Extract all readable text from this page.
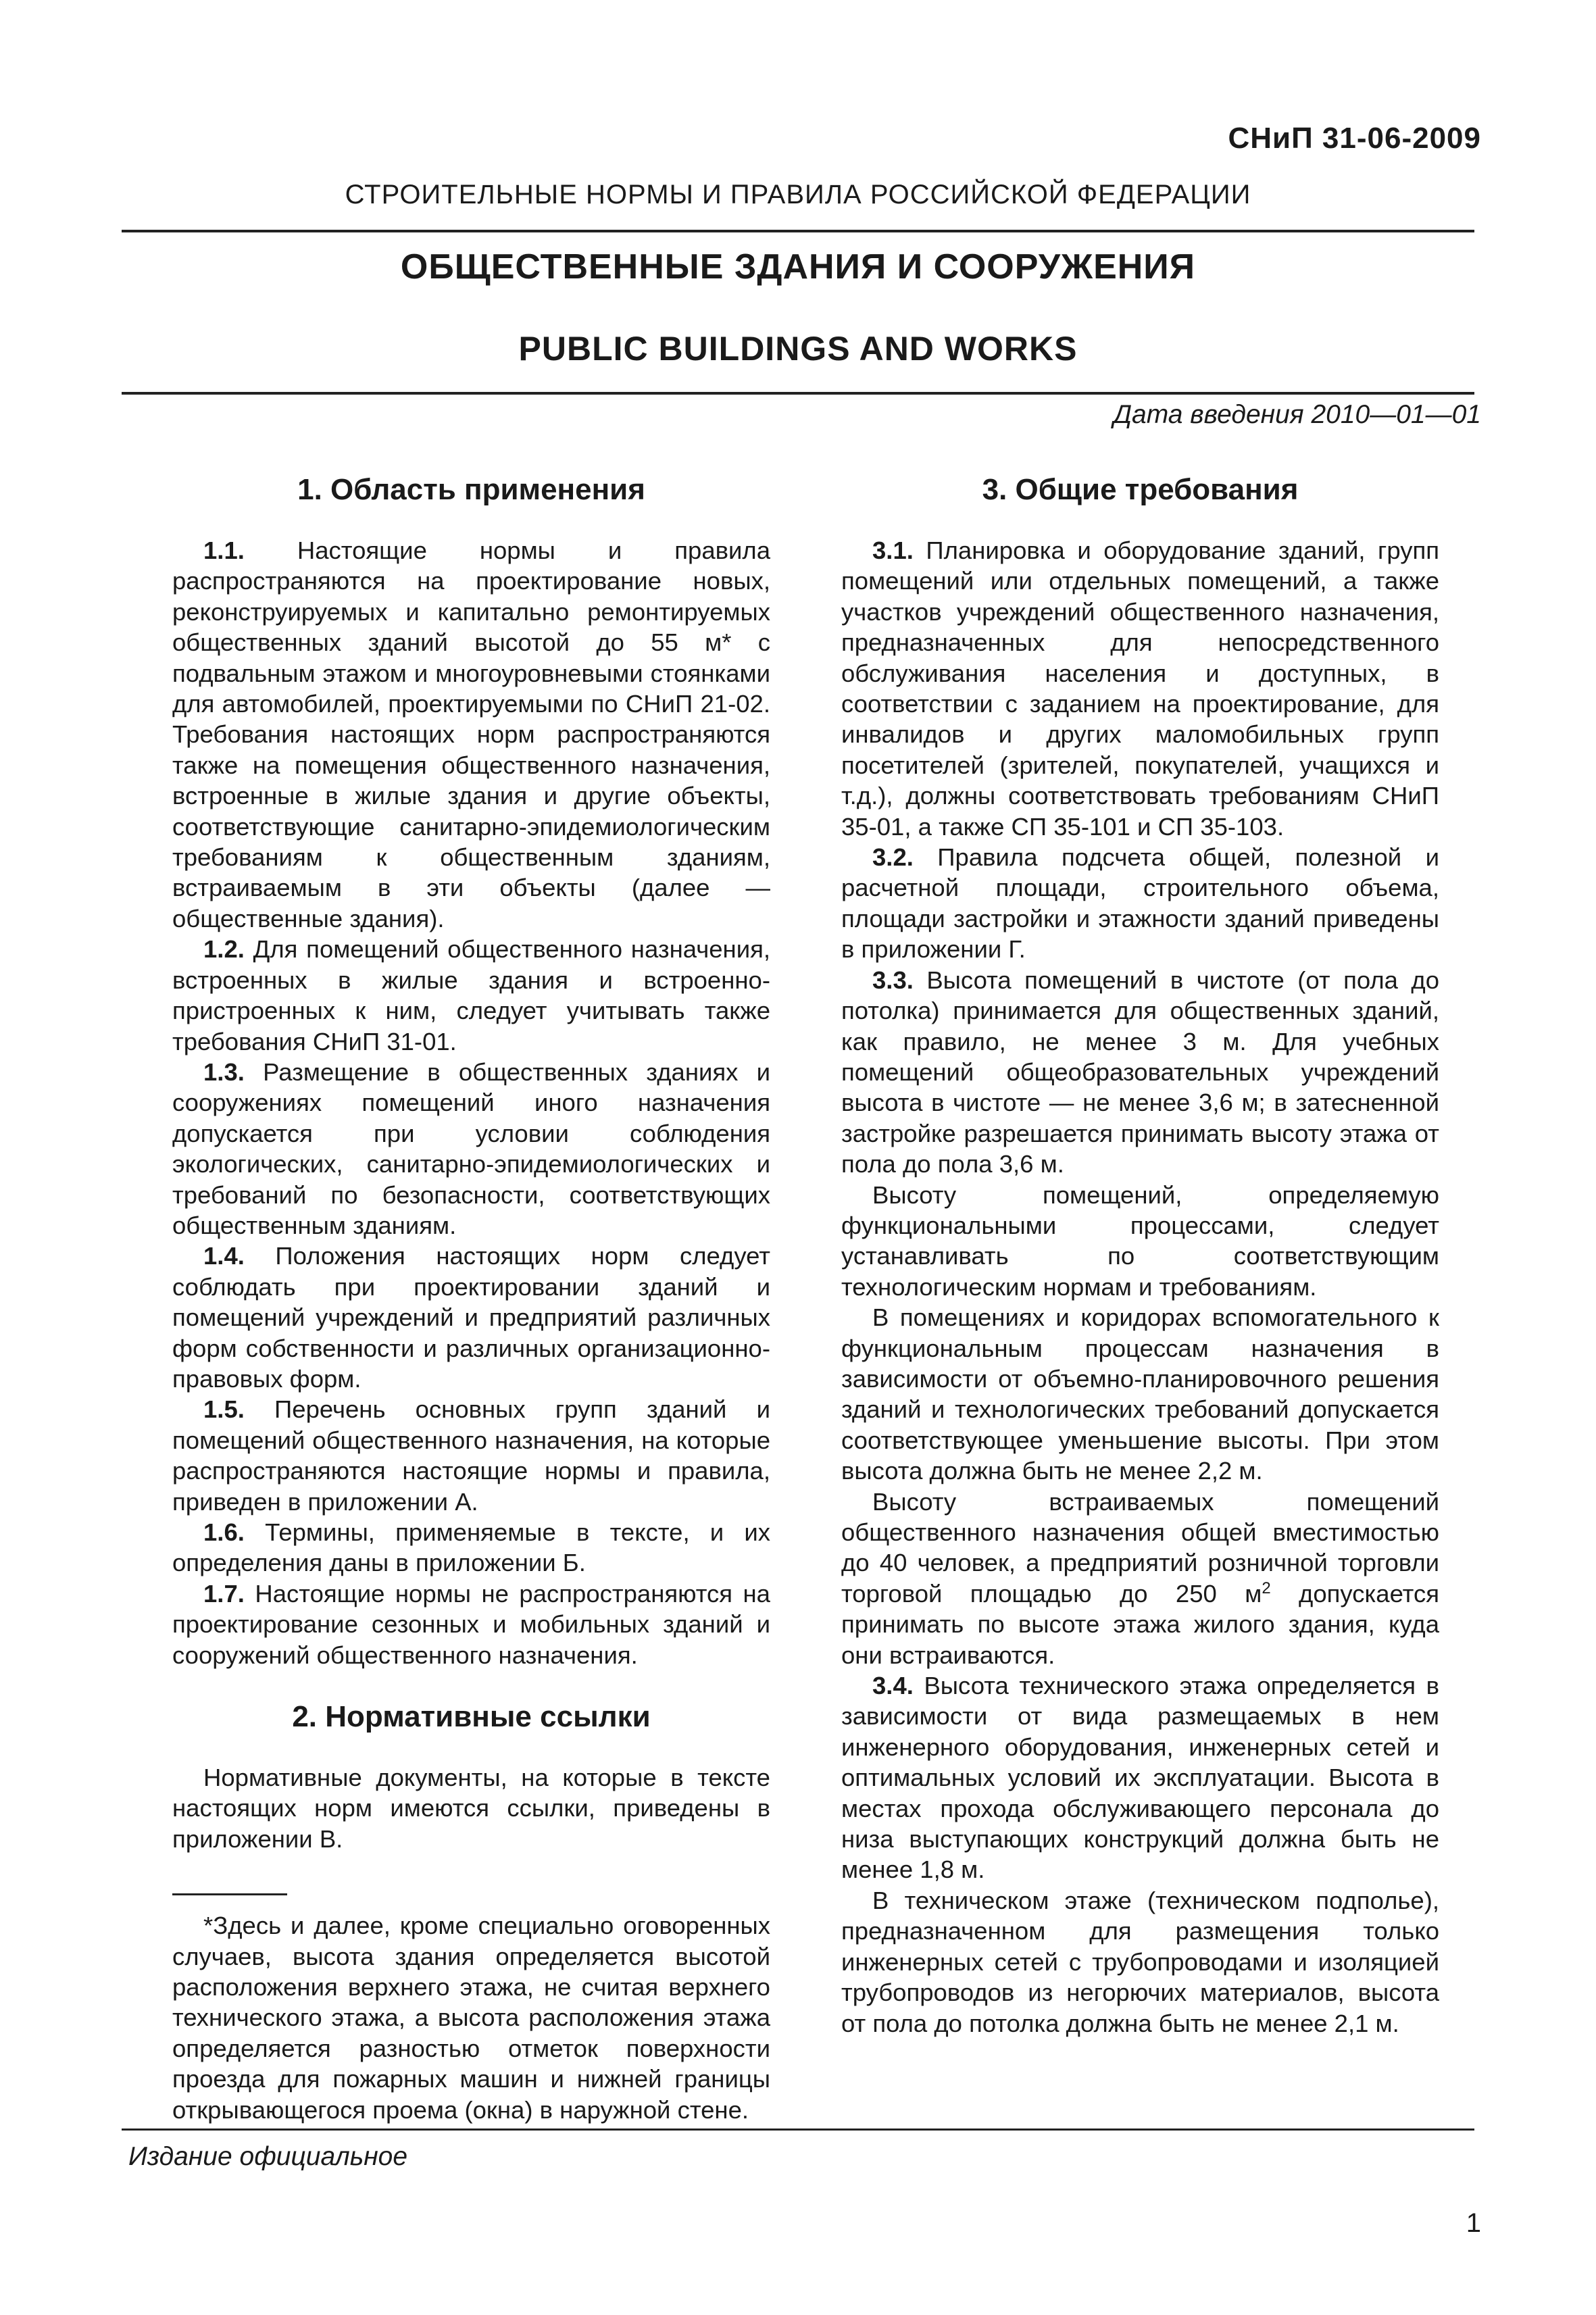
СНиП 31-06-2009
СТРОИТЕЛЬНЫЕ НОРМЫ И ПРАВИЛА РОССИЙСКОЙ ФЕДЕРАЦИИ
ОБЩЕСТВЕННЫЕ ЗДАНИЯ И СООРУЖЕНИЯ
PUBLIC BUILDINGS AND WORKS
Дата введения 2010—01—01
1. Область применения

1.1. Настоящие нормы и правила распространяются на проектирование новых, реконструируемых и капитально ремонтируемых общественных зданий высотой до 55 м* с подвальным этажом и многоуровневыми стоянками для автомобилей, проектируемыми по СНиП 21-02. Требования настоящих норм распространяются также на помещения общественного назначения, встроенные в жилые здания и другие объекты, соответствующие санитарно-эпидемиологическим требованиям к общественным зданиям, встраиваемым в эти объекты (далее — общественные здания).

1.2. Для помещений общественного назначения, встроенных в жилые здания и встроенно-пристроенных к ним, следует учитывать также требования СНиП 31-01.

1.3. Размещение в общественных зданиях и сооружениях помещений иного назначения допускается при условии соблюдения экологических, санитарно-эпидемиологических и требований по безопасности, соответствующих общественным зданиям.

1.4. Положения настоящих норм следует соблюдать при проектировании зданий и помещений учреждений и предприятий различных форм собственности и различных организационно-правовых форм.

1.5. Перечень основных групп зданий и помещений общественного назначения, на которые распространяются настоящие нормы и правила, приведен в приложении А.

1.6. Термины, применяемые в тексте, и их определения даны в приложении Б.

1.7. Настоящие нормы не распространяются на проектирование сезонных и мобильных зданий и сооружений общественного назначения.

2. Нормативные ссылки

Нормативные документы, на которые в тексте настоящих норм имеются ссылки, приведены в приложении В.

*Здесь и далее, кроме специально оговоренных случаев, высота здания определяется высотой расположения верхнего этажа, не считая верхнего технического этажа, а высота расположения этажа определяется разностью отметок поверхности проезда для пожарных машин и нижней границы открывающегося проема (окна) в наружной стене.

3. Общие требования

3.1. Планировка и оборудование зданий, групп помещений или отдельных помещений, а также участков учреждений общественного назначения, предназначенных для непосредственного обслуживания населения и доступных, в соответствии с заданием на проектирование, для инвалидов и других маломобильных групп посетителей (зрителей, покупателей, учащихся и т.д.), должны соответствовать требованиям СНиП 35-01, а также СП 35-101 и СП 35-103.

3.2. Правила подсчета общей, полезной и расчетной площади, строительного объема, площади застройки и этажности зданий приведены в приложении Г.

3.3. Высота помещений в чистоте (от пола до потолка) принимается для общественных зданий, как правило, не менее 3 м. Для учебных помещений общеобразовательных учреждений высота в чистоте — не менее 3,6 м; в затесненной застройке разрешается принимать высоту этажа от пола до пола 3,6 м.

Высоту помещений, определяемую функциональными процессами, следует устанавливать по соответствующим технологическим нормам и требованиям.

В помещениях и коридорах вспомогательного к функциональным процессам назначения в зависимости от объемно-планировочного решения зданий и технологических требований допускается соответствующее уменьшение высоты. При этом высота должна быть не менее 2,2 м.

Высоту встраиваемых помещений общественного назначения общей вместимостью до 40 человек, а предприятий розничной торговли торговой площадью до 250 $м^2$ допускается принимать по высоте этажа жилого здания, куда они встраиваются.

3.4. Высота технического этажа определяется в зависимости от вида размещаемых в нем инженерного оборудования, инженерных сетей и оптимальных условий их эксплуатации. Высота в местах прохода обслуживающего персонала до низа выступающих конструкций должна быть не менее 1,8 м.

В техническом этаже (техническом подполье), предназначенном для размещения только инженерных сетей с трубопроводами и изоляцией трубопроводов из негорючих материалов, высота от пола до потолка должна быть не менее 2,1 м.

Издание официальное
1
